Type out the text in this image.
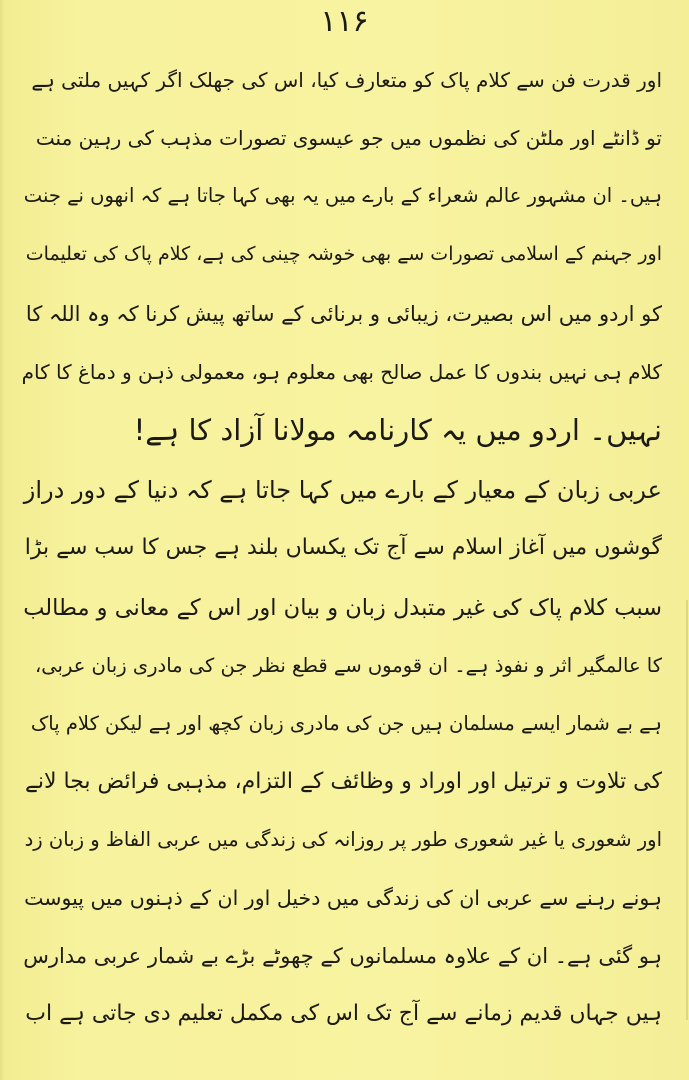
۱۱۶
اور قدرت فن سے کلام پاک کو متعارف کیا، اس کی جھلک اگر کہیں ملتی ہے
تو ڈانٹے اور ملٹن کی نظموں میں جو عیسوی تصورات مذہب کی رہین منت
ہیں۔ ان مشہور عالم شعراء کے بارے میں یہ بھی کہا جاتا ہے کہ انھوں نے جنت
اور جہنم کے اسلامی تصورات سے بھی خوشہ چینی کی ہے، کلام پاک کی تعلیمات
کو اردو میں اس بصیرت، زیبائی و برنائی کے ساتھ پیش کرنا کہ وہ اللہ کا
کلام ہی نہیں بندوں کا عمل صالح بھی معلوم ہو، معمولی ذہن و دماغ کا کام
نہیں۔ اردو میں یہ کارنامہ مولانا آزاد کا ہے!
عربی زبان کے معیار کے بارے میں کہا جاتا ہے کہ دنیا کے دور دراز
گوشوں میں آغاز اسلام سے آج تک یکساں بلند ہے جس کا سب سے بڑا
سبب کلام پاک کی غیر متبدل زبان و بیان اور اس کے معانی و مطالب
کا عالمگیر اثر و نفوذ ہے۔ ان قوموں سے قطع نظر جن کی مادری زبان عربی،
ہے بے شمار ایسے مسلمان ہیں جن کی مادری زبان کچھ اور ہے لیکن کلام پاک
کی تلاوت و ترتیل اور اوراد و وظائف کے التزام، مذہبی فرائض بجا لانے
اور شعوری یا غیر شعوری طور پر روزانہ کی زندگی میں عربی الفاظ و زبان زد
ہونے رہنے سے عربی ان کی زندگی میں دخیل اور ان کے ذہنوں میں پیوست
ہو گئی ہے۔ ان کے علاوہ مسلمانوں کے چھوٹے بڑے بے شمار عربی مدارس
ہیں جہاں قدیم زمانے سے آج تک اس کی مکمل تعلیم دی جاتی ہے اب
